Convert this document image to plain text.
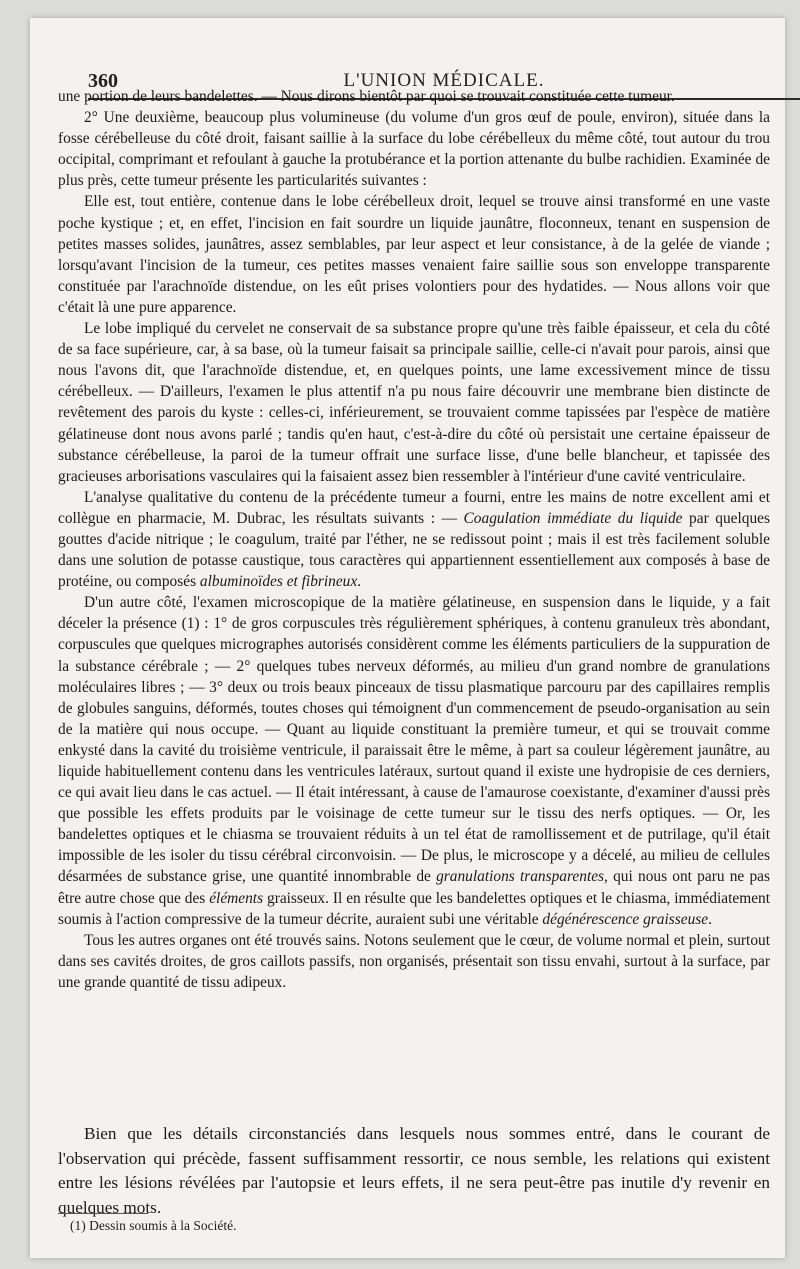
360	L'UNION MÉDICALE.

une portion de leurs bandelettes. — Nous dirons bientôt par quoi se trouvait constituée cette tumeur.

2° Une deuxième, beaucoup plus volumineuse (du volume d'un gros œuf de poule, environ), située dans la fosse cérébelleuse du côté droit, faisant saillie à la surface du lobe cérébelleux du même côté, tout autour du trou occipital, comprimant et refoulant à gauche la protubérance et la portion attenante du bulbe rachidien. Examinée de plus près, cette tumeur présente les particularités suivantes :

Elle est, tout entière, contenue dans le lobe cérébelleux droit, lequel se trouve ainsi transformé en une vaste poche kystique ; et, en effet, l'incision en fait sourdre un liquide jaunâtre, floconneux, tenant en suspension de petites masses solides, jaunâtres, assez semblables, par leur aspect et leur consistance, à de la gelée de viande ; lorsqu'avant l'incision de la tumeur, ces petites masses venaient faire saillie sous son enveloppe transparente constituée par l'arachnoïde distendue, on les eût prises volontiers pour des hydatides. — Nous allons voir que c'était là une pure apparence.

Le lobe impliqué du cervelet ne conservait de sa substance propre qu'une très faible épaisseur, et cela du côté de sa face supérieure, car, à sa base, où la tumeur faisait sa principale saillie, celle-ci n'avait pour parois, ainsi que nous l'avons dit, que l'arachnoïde distendue, et, en quelques points, une lame excessivement mince de tissu cérébelleux. — D'ailleurs, l'examen le plus attentif n'a pu nous faire découvrir une membrane bien distincte de revêtement des parois du kyste : celles-ci, inférieurement, se trouvaient comme tapissées par l'espèce de matière gélatineuse dont nous avons parlé ; tandis qu'en haut, c'est-à-dire du côté où persistait une certaine épaisseur de substance cérébelleuse, la paroi de la tumeur offrait une surface lisse, d'une belle blancheur, et tapissée des gracieuses arborisations vasculaires qui la faisaient assez bien ressembler à l'intérieur d'une cavité ventriculaire.

L'analyse qualitative du contenu de la précédente tumeur a fourni, entre les mains de notre excellent ami et collègue en pharmacie, M. Dubrac, les résultats suivants : — Coagulation immédiate du liquide par quelques gouttes d'acide nitrique ; le coagulum, traité par l'éther, ne se redissout point ; mais il est très facilement soluble dans une solution de potasse caustique, tous caractères qui appartiennent essentiellement aux composés à base de protéine, ou composés albuminoïdes et fibrineux.

D'un autre côté, l'examen microscopique de la matière gélatineuse, en suspension dans le liquide, y a fait déceler la présence (1) : 1° de gros corpuscules très régulièrement sphériques, à contenu granuleux très abondant, corpuscules que quelques micrographes autorisés considèrent comme les éléments particuliers de la suppuration de la substance cérébrale ; — 2° quelques tubes nerveux déformés, au milieu d'un grand nombre de granulations moléculaires libres ; — 3° deux ou trois beaux pinceaux de tissu plasmatique parcouru par des capillaires remplis de globules sanguins, déformés, toutes choses qui témoignent d'un commencement de pseudo-organisation au sein de la matière qui nous occupe. — Quant au liquide constituant la première tumeur, et qui se trouvait comme enkysté dans la cavité du troisième ventricule, il paraissait être le même, à part sa couleur légèrement jaunâtre, au liquide habituellement contenu dans les ventricules latéraux, surtout quand il existe une hydropisie de ces derniers, ce qui avait lieu dans le cas actuel. — Il était intéressant, à cause de l'amaurose coexistante, d'examiner d'aussi près que possible les effets produits par le voisinage de cette tumeur sur le tissu des nerfs optiques. — Or, les bandelettes optiques et le chiasma se trouvaient réduits à un tel état de ramollissement et de putrilage, qu'il était impossible de les isoler du tissu cérébral circonvoisin. — De plus, le microscope y a décelé, au milieu de cellules désarmées de substance grise, une quantité innombrable de granulations transparentes, qui nous ont paru ne pas être autre chose que des éléments graisseux. Il en résulte que les bandelettes optiques et le chiasma, immédiatement soumis à l'action compressive de la tumeur décrite, auraient subi une véritable dégénérescence graisseuse.

Tous les autres organes ont été trouvés sains. Notons seulement que le cœur, de volume normal et plein, surtout dans ses cavités droites, de gros caillots passifs, non organisés, présentait son tissu envahi, surtout à la surface, par une grande quantité de tissu adipeux.

Bien que les détails circonstanciés dans lesquels nous sommes entré, dans le courant de l'observation qui précède, fassent suffisamment ressortir, ce nous semble, les relations qui existent entre les lésions révélées par l'autopsie et leurs effets, il ne sera peut-être pas inutile d'y revenir en quelques mots.

(1) Dessin soumis à la Société.
